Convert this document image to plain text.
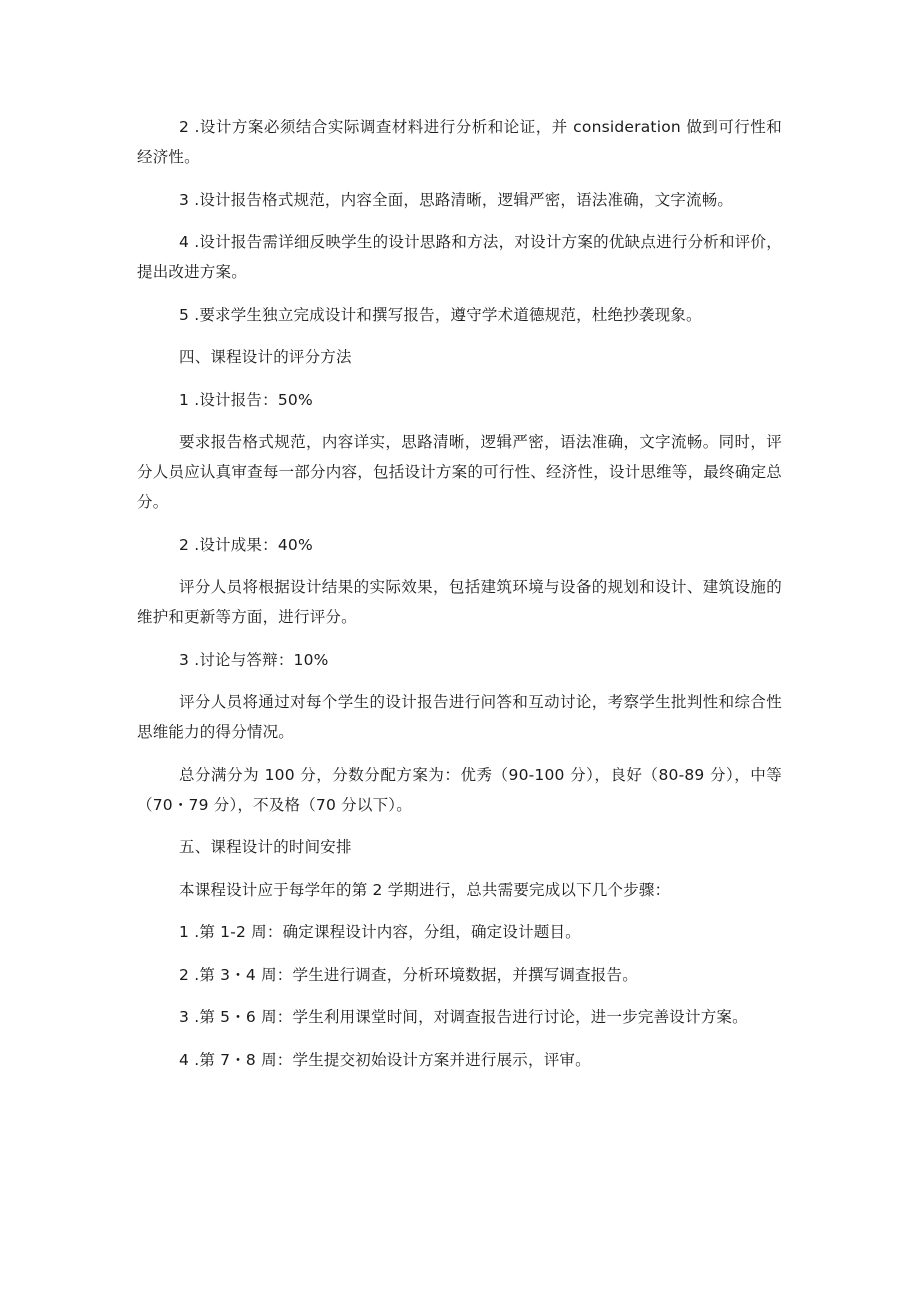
2 .设计方案必须结合实际调查材料进行分析和论证，并 consideration 做到可行性和经济性。

3 .设计报告格式规范，内容全面，思路清晰，逻辑严密，语法准确，文字流畅。

4 .设计报告需详细反映学生的设计思路和方法，对设计方案的优缺点进行分析和评价，提出改进方案。

5 .要求学生独立完成设计和撰写报告，遵守学术道德规范，杜绝抄袭现象。

四、课程设计的评分方法

1 .设计报告：50%

要求报告格式规范，内容详实，思路清晰，逻辑严密，语法准确，文字流畅。同时，评分人员应认真审查每一部分内容，包括设计方案的可行性、经济性，设计思维等，最终确定总分。

2 .设计成果：40%

评分人员将根据设计结果的实际效果，包括建筑环境与设备的规划和设计、建筑设施的维护和更新等方面，进行评分。

3 .讨论与答辩：10%

评分人员将通过对每个学生的设计报告进行问答和互动讨论，考察学生批判性和综合性思维能力的得分情况。

总分满分为 100 分，分数分配方案为：优秀（90-100 分），良好（80-89 分），中等（70・79 分），不及格（70 分以下）。

五、课程设计的时间安排

本课程设计应于每学年的第 2 学期进行，总共需要完成以下几个步骤：

1 .第 1-2 周：确定课程设计内容，分组，确定设计题目。

2 .第 3・4 周：学生进行调查，分析环境数据，并撰写调查报告。

3 .第 5・6 周：学生利用课堂时间，对调查报告进行讨论，进一步完善设计方案。

4 .第 7・8 周：学生提交初始设计方案并进行展示，评审。
